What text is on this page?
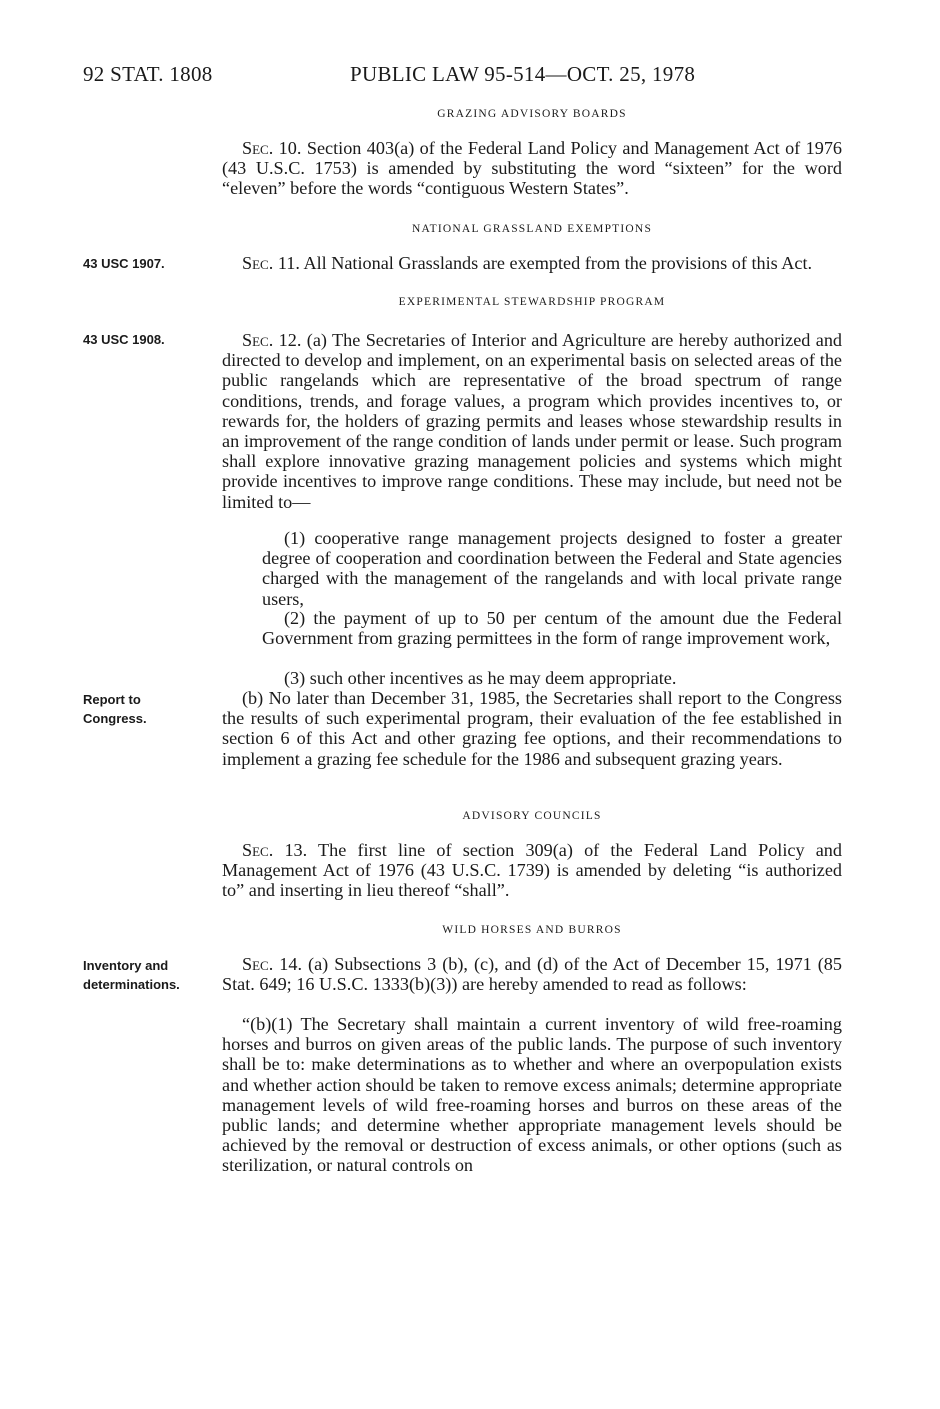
92 STAT. 1808	PUBLIC LAW 95-514—OCT. 25, 1978
GRAZING ADVISORY BOARDS

Sec. 10. Section 403(a) of the Federal Land Policy and Management Act of 1976 (43 U.S.C. 1753) is amended by substituting the word “sixteen” for the word “eleven” before the words “contiguous Western States”.

NATIONAL GRASSLAND EXEMPTIONS
43 USC 1907.	Sec. 11. All National Grasslands are exempted from the provisions of this Act.

EXPERIMENTAL STEWARDSHIP PROGRAM
43 USC 1908.	Sec. 12. (a) The Secretaries of Interior and Agriculture are hereby authorized and directed to develop and implement, on an experimental basis on selected areas of the public rangelands which are representative of the broad spectrum of range conditions, trends, and forage values, a program which provides incentives to, or rewards for, the holders of grazing permits and leases whose stewardship results in an improvement of the range condition of lands under permit or lease. Such program shall explore innovative grazing management policies and systems which might provide incentives to improve range conditions. These may include, but need not be limited to—

(1) cooperative range management projects designed to foster a greater degree of cooperation and coordination between the Federal and State agencies charged with the management of the rangelands and with local private range users,

(2) the payment of up to 50 per centum of the amount due the Federal Government from grazing permittees in the form of range improvement work,

(3) such other incentives as he may deem appropriate.

Report to
Congress.

(b) No later than December 31, 1985, the Secretaries shall report to the Congress the results of such experimental program, their evaluation of the fee established in section 6 of this Act and other grazing fee options, and their recommendations to implement a grazing fee schedule for the 1986 and subsequent grazing years.

ADVISORY COUNCILS

Sec. 13. The first line of section 309(a) of the Federal Land Policy and Management Act of 1976 (43 U.S.C. 1739) is amended by deleting “is authorized to” and inserting in lieu thereof “shall”.

WILD HORSES AND BURROS
Inventory and
determinations.

Sec. 14. (a) Subsections 3 (b), (c), and (d) of the Act of December 15, 1971 (85 Stat. 649; 16 U.S.C. 1333(b)(3)) are hereby amended to read as follows:

“(b)(1) The Secretary shall maintain a current inventory of wild free-roaming horses and burros on given areas of the public lands. The purpose of such inventory shall be to: make determinations as to whether and where an overpopulation exists and whether action should be taken to remove excess animals; determine appropriate management levels of wild free-roaming horses and burros on these areas of the public lands; and determine whether appropriate management levels should be achieved by the removal or destruction of excess animals, or other options (such as sterilization, or natural controls on
